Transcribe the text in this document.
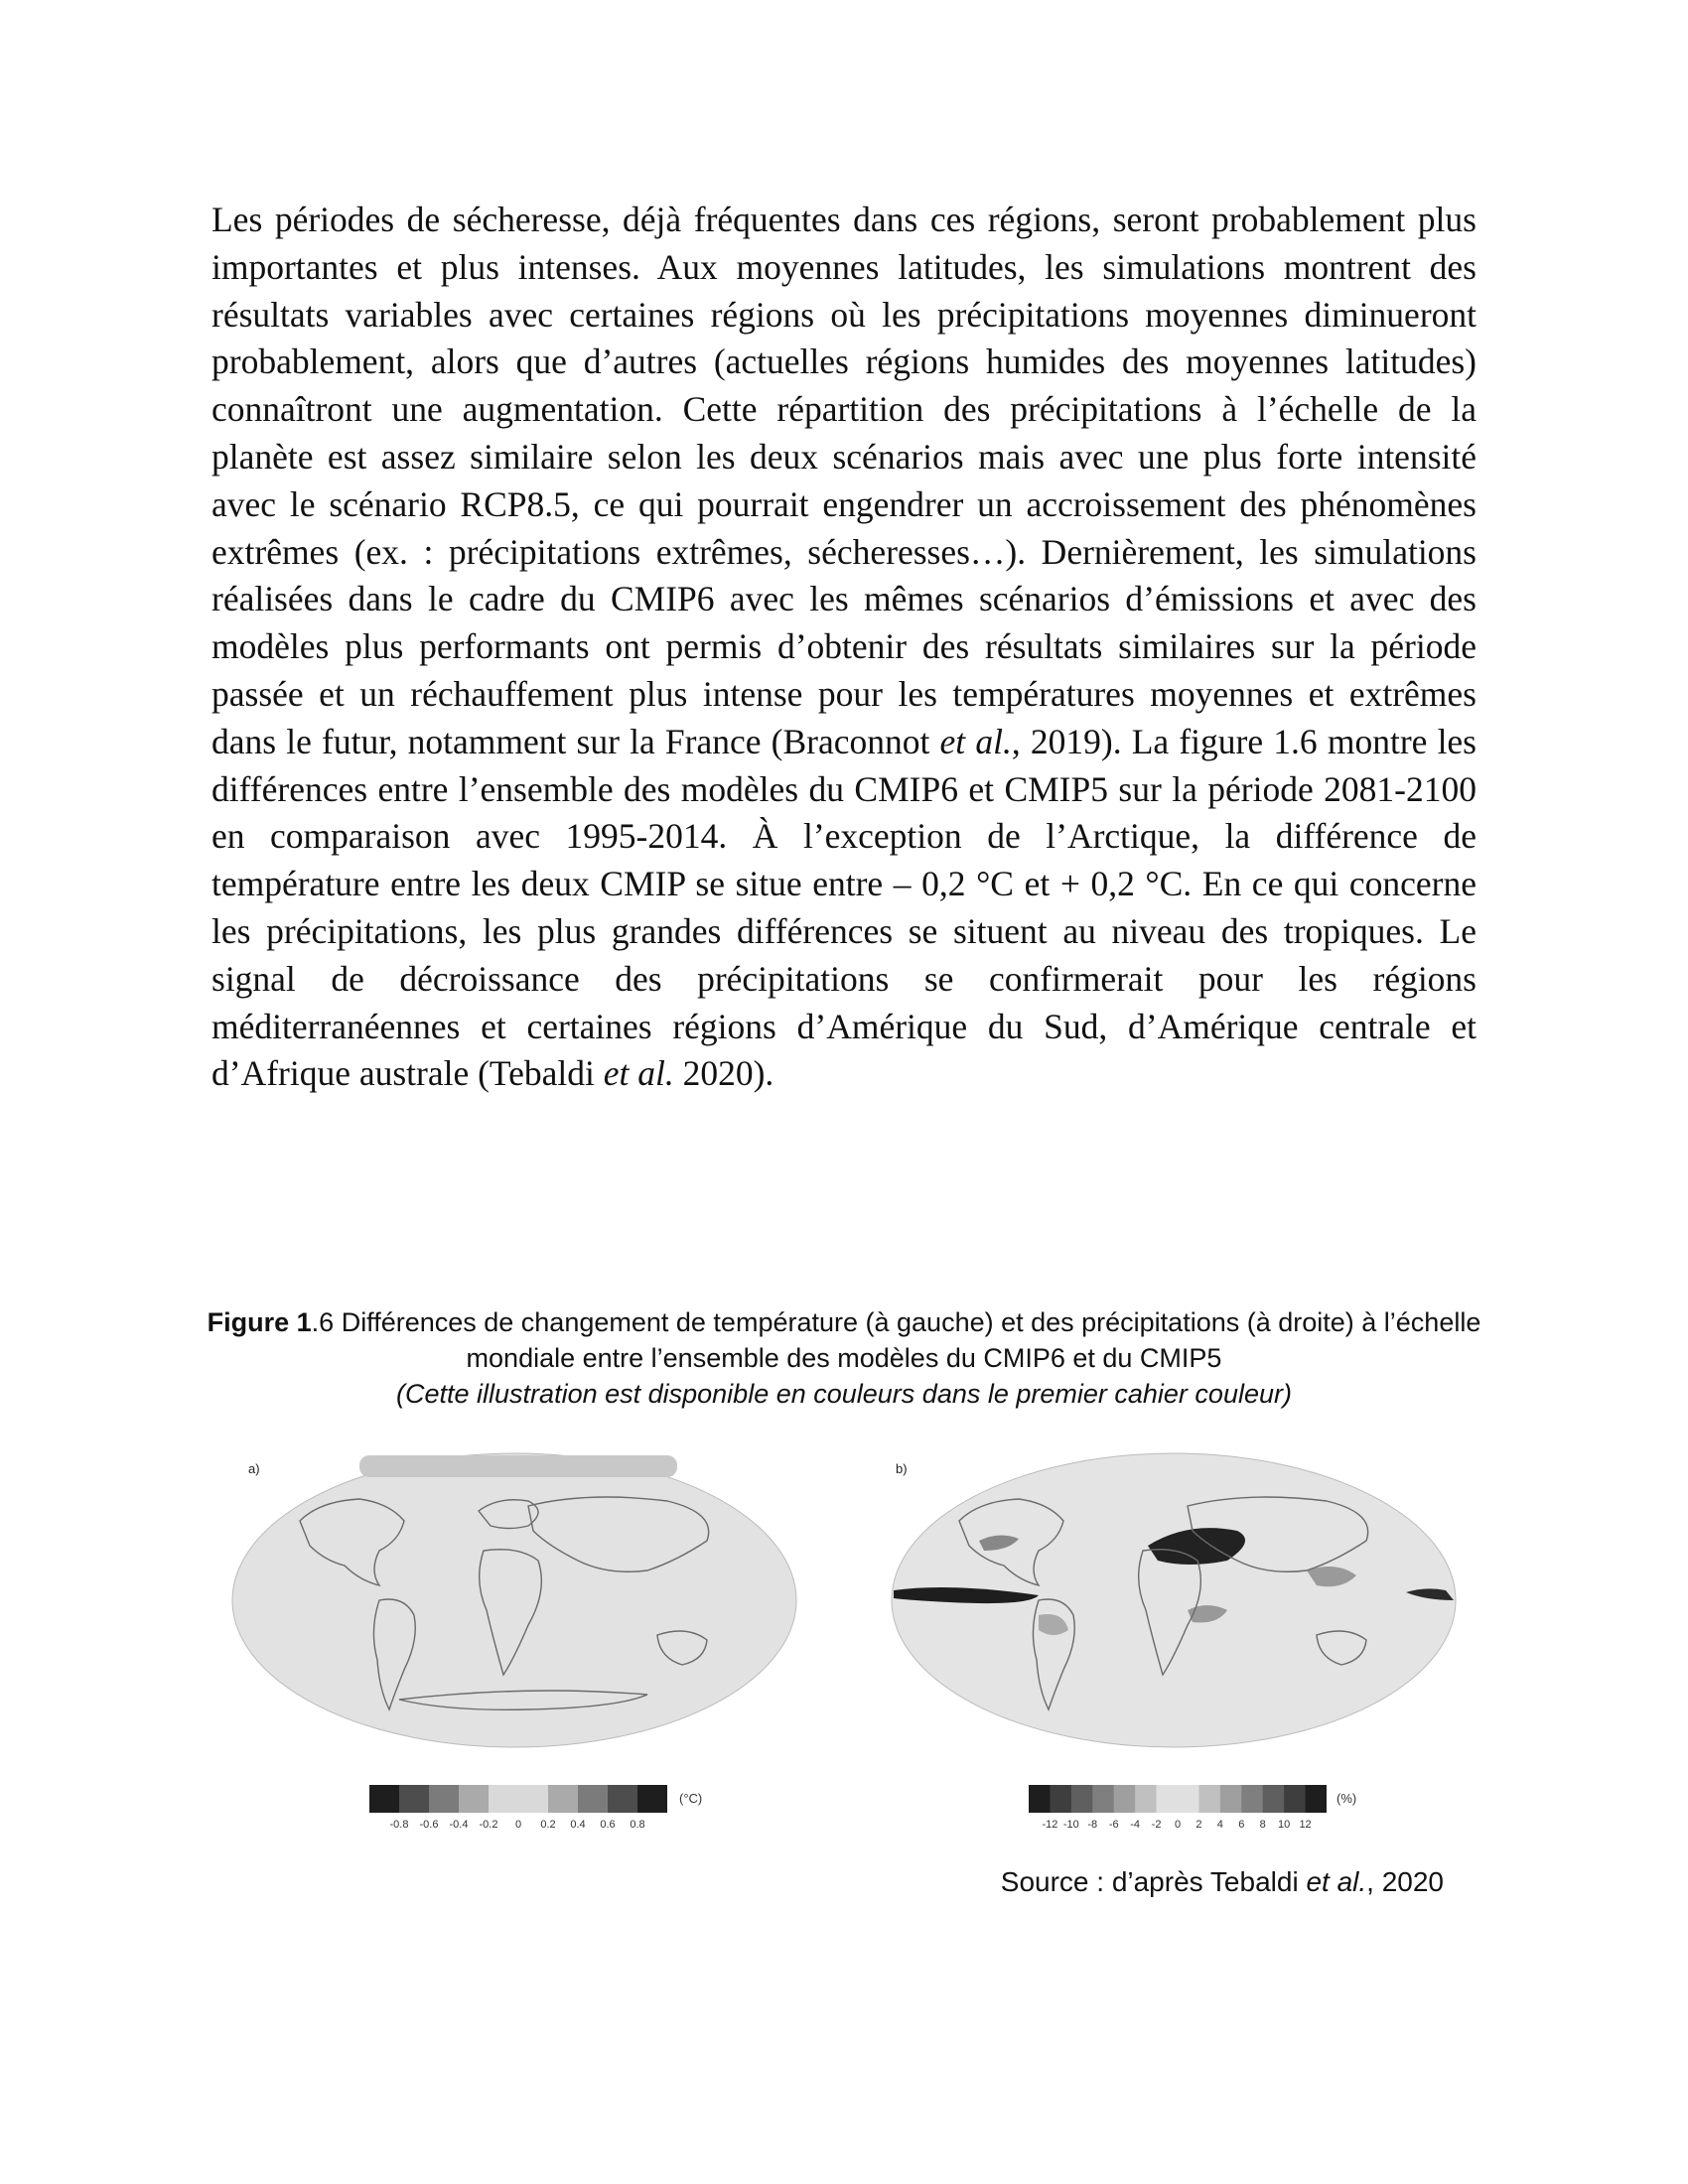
Les périodes de sécheresse, déjà fréquentes dans ces régions, seront probablement plus importantes et plus intenses. Aux moyennes latitudes, les simulations montrent des résultats variables avec certaines régions où les précipitations moyennes diminueront probablement, alors que d’autres (actuelles régions humides des moyennes latitudes) connaîtront une augmentation. Cette répartition des précipitations à l’échelle de la planète est assez similaire selon les deux scénarios mais avec une plus forte intensité avec le scénario RCP8.5, ce qui pourrait engendrer un accroissement des phénomènes extrêmes (ex. : précipitations extrêmes, sécheresses…). Dernièrement, les simulations réalisées dans le cadre du CMIP6 avec les mêmes scénarios d’émissions et avec des modèles plus performants ont permis d’obtenir des résultats similaires sur la période passée et un réchauffement plus intense pour les températures moyennes et extrêmes dans le futur, notamment sur la France (Braconnot et al., 2019). La figure 1.6 montre les différences entre l’ensemble des modèles du CMIP6 et CMIP5 sur la période 2081-2100 en comparaison avec 1995-2014. À l’exception de l’Arctique, la différence de température entre les deux CMIP se situe entre – 0,2 °C et + 0,2 °C. En ce qui concerne les précipitations, les plus grandes différences se situent au niveau des tropiques. Le signal de décroissance des précipitations se confirmerait pour les régions méditerranéennes et certaines régions d’Amérique du Sud, d’Amérique centrale et d’Afrique australe (Tebaldi et al. 2020).

Figure 1.6 Différences de changement de température (à gauche) et des précipitations (à droite) à l’échelle mondiale entre l’ensemble des modèles du CMIP6 et du CMIP5
(Cette illustration est disponible en couleurs dans le premier cahier couleur)
a)	b)
-0.8 -0.6 -0.4 -0.2 0 0.2 0.4 0.6 0.8
(°C)
-12 -10 -8 -6 -4 -2 0 2 4 6 8 10 12
(%)
Source : d’après Tebaldi et al., 2020
